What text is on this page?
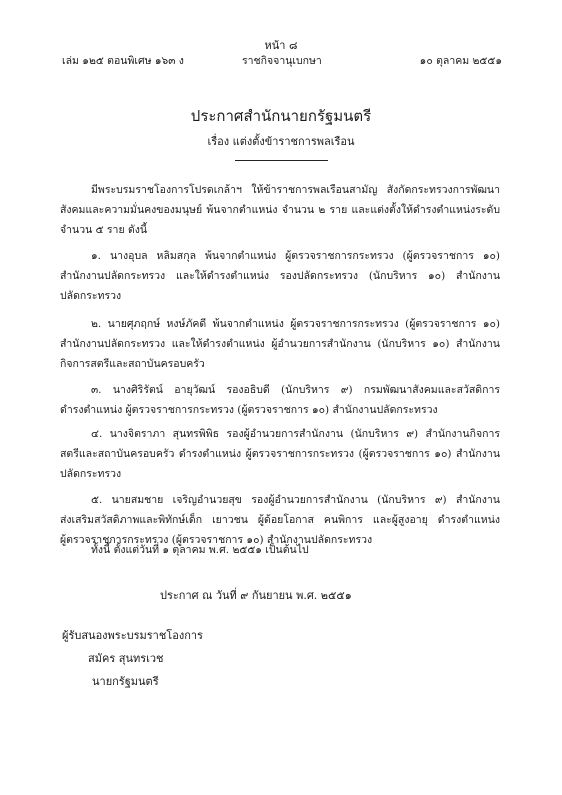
หน้า ๘
เล่ม ๑๒๕ ตอนพิเศษ ๑๖๓ ง	ราชกิจจานุเบกษา	๑๐ ตุลาคม ๒๕๕๑
ประกาศสำนักนายกรัฐมนตรี
เรื่อง แต่งตั้งข้าราชการพลเรือน
มีพระบรมราชโองการโปรดเกล้าฯ ให้ข้าราชการพลเรือนสามัญ สังกัดกระทรวงการพัฒนา
สังคมและความมั่นคงของมนุษย์ พ้นจากตำแหน่ง จำนวน ๒ ราย และแต่งตั้งให้ดำรงตำแหน่งระดับ
จำนวน ๕ ราย ดังนี้
๑. นางอุบล หลิมสกุล พ้นจากตำแหน่ง ผู้ตรวจราชการกระทรวง (ผู้ตรวจราชการ ๑๐)
สำนักงานปลัดกระทรวง และให้ดำรงตำแหน่ง รองปลัดกระทรวง (นักบริหาร ๑๐) สำนักงาน
ปลัดกระทรวง
๒. นายศุภฤกษ์ หงษ์ภัคดี พ้นจากตำแหน่ง ผู้ตรวจราชการกระทรวง (ผู้ตรวจราชการ ๑๐)
สำนักงานปลัดกระทรวง และให้ดำรงตำแหน่ง ผู้อำนวยการสำนักงาน (นักบริหาร ๑๐) สำนักงาน
กิจการสตรีและสถาบันครอบครัว
๓. นางศิริรัตน์ อายุวัฒน์ รองอธิบดี (นักบริหาร ๙) กรมพัฒนาสังคมและสวัสดิการ
ดำรงตำแหน่ง ผู้ตรวจราชการกระทรวง (ผู้ตรวจราชการ ๑๐) สำนักงานปลัดกระทรวง
๔. นางจิตราภา สุนทรพิพิธ รองผู้อำนวยการสำนักงาน (นักบริหาร ๙) สำนักงานกิจการ
สตรีและสถาบันครอบครัว ดำรงตำแหน่ง ผู้ตรวจราชการกระทรวง (ผู้ตรวจราชการ ๑๐) สำนักงาน
ปลัดกระทรวง
๕. นายสมชาย เจริญอำนวยสุข รองผู้อำนวยการสำนักงาน (นักบริหาร ๙) สำนักงาน
ส่งเสริมสวัสดิภาพและพิทักษ์เด็ก เยาวชน ผู้ด้อยโอกาส คนพิการ และผู้สูงอายุ ดำรงตำแหน่ง
ผู้ตรวจราชการกระทรวง (ผู้ตรวจราชการ ๑๐) สำนักงานปลัดกระทรวง
ทั้งนี้ ตั้งแต่วันที่ ๑ ตุลาคม พ.ศ. ๒๕๕๑ เป็นต้นไป
ประกาศ ณ วันที่ ๙ กันยายน พ.ศ. ๒๕๕๑
ผู้รับสนองพระบรมราชโองการ
สมัคร สุนทรเวช
นายกรัฐมนตรี
